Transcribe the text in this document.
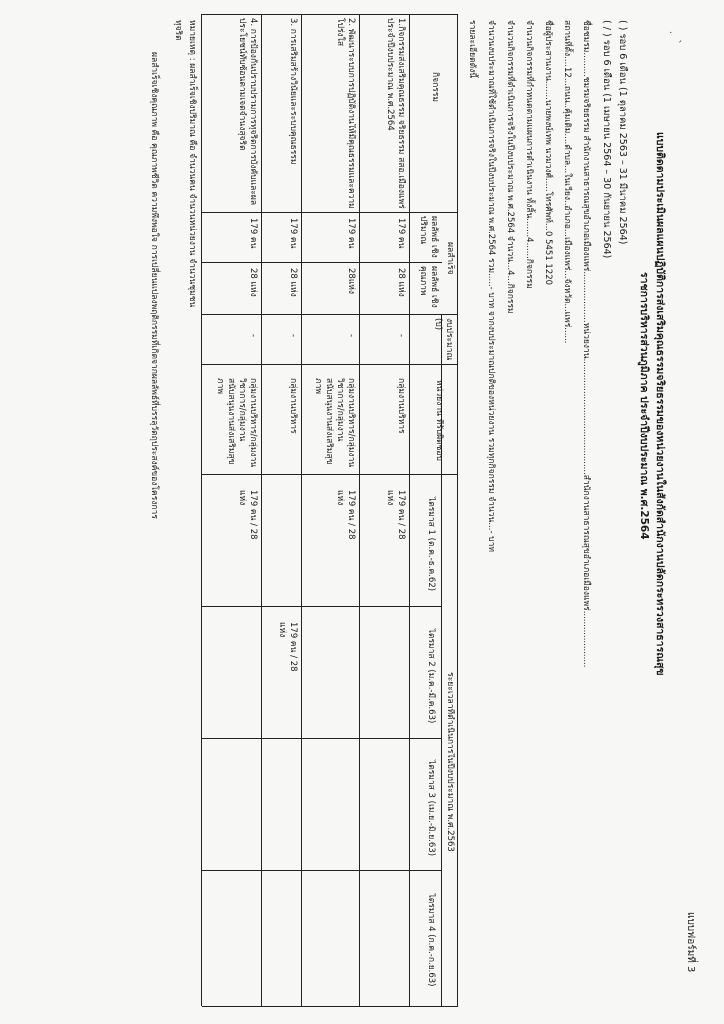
˙ ˏ
แบบฟอร์มที่ 3
แบบติดตามประเมินผลแผนปฏิบัติการส่งเสริมคุณธรรมจริยธรรมของหน่วยงานในสังกัดสำนักงานปลัดกระทรวงสาธารณสุข
ราชการบริหารส่วนภูมิภาค ประจำปีงบประมาณ พ.ศ.2564
( ) รอบ 6 เดือน (1 ตุลาคม 2563 – 31 มีนาคม 2564)
( / ) รอบ 6 เดือน (1 เมษายน 2564 – 30 กันยายน 2564)
ชื่อชมรม.........ชมรมจริยธรรม สำนักงานสาธารณสุขอำเภอเมืองแพร่...................หน่วยงาน...........................................สำนักงานสาธารณสุขอำเภอเมืองแพร่.....................
สถานที่ตั้ง....12...ถนน..คุ้มเดิม....ตำบล...ในเวียง..อำเภอ...เมืองแพร่...จังหวัด...แพร่......
ชื่อผู้ประสานงาน.......นายพงษ์เทพ นวมวงศ์.....โทรศัพท์...0 5451 1220
จำนวนกิจกรรมที่กำหนดตามแผนการดำเนินงาน ทั้งสิ้น.......4......กิจกรรม
จำนวนกิจกรรมที่ดำเนินการจริงในปีงบประมาณ พ.ศ.2564 จำนวน...4...กิจกรรม
จำนวนงบประมาณที่ใช้ดำเนินการจริงในปีงบประมาณ พ.ศ.2564 รวม.....- บาท จากงบประมาณปกติของหน่วยงาน รวมทุกกิจกรรม จำนวน...- บาท
รายละเอียดดังนี้
กิจกรรม
ผลสำเร็จ
ผลลัพธ์ เชิงปริมาณ
ผลลัพธ์ เชิง คุณภาพ
งบประมาณ (บ)
หน่วยงาน ที่รับผิดชอบ
ระยะเวลาที่ดำเนินการในปีงบประมาณ พ.ศ.2563
ไตรมาส 1 (ต.ค.-ธ.ค.62)
ไตรมาส 2 (ม.ค.-มี.ค.63)
ไตรมาส 3 (เม.ย.-มิ.ย.63)
ไตรมาส 4 (ก.ค.-ก.ย.63)
1.กิจกรรมส่งเสริมคุณธรรม จริยธรรม สสอ.เมืองแพร่ ประจำปีงบประมาณ พ.ศ.2564
179 คน
28 แห่ง
-
กลุ่มงานบริหาร
179 คน / 28 แห่ง
2. พัฒนาระบบการปฏิบัติงานให้มีคุณธรรมและความโปร่งใส
179 คน
28แห่ง
-
กลุ่มงานบริหาร/กลุ่มงานวิชาการ/กลุ่มงานสนับสนุนงานส่งเสริมสุขภาพ
179 คน / 28 แห่ง
3. การเสริมสร้างวินัยและระบบคุณธรรม
179 คน
28 แห่ง
-
กลุ่มงานบริหาร
179 คน / 28 แห่ง
4. การป้องกันปราบปรามการทุจริตการบังคับและผลประโยชน์ทับซ้อนตามเจตจำนงสุจริต
179 คน
28 แห่ง
-
กลุ่มงานบริหาร/กลุ่มงานวิชาการ/กลุ่มงานสนับสนุนงานส่งเสริมสุขภาพ
179 คน / 28 แห่ง
หมายเหตุ : ผลสำเร็จเชิงปริมาณ คือ จำนวนคน จำนวนหน่วยงาน จำนวนชุมชน
ทุจริต
ผลสำเร็จเชิงคุณภาพ คือ คุณภาพชีวิต ความพึงพอใจ การเปลี่ยนแปลงพฤติกรรมที่เกิดจากผลลัพธ์ที่บรรลุวัตถุประสงค์ของโครงการ
